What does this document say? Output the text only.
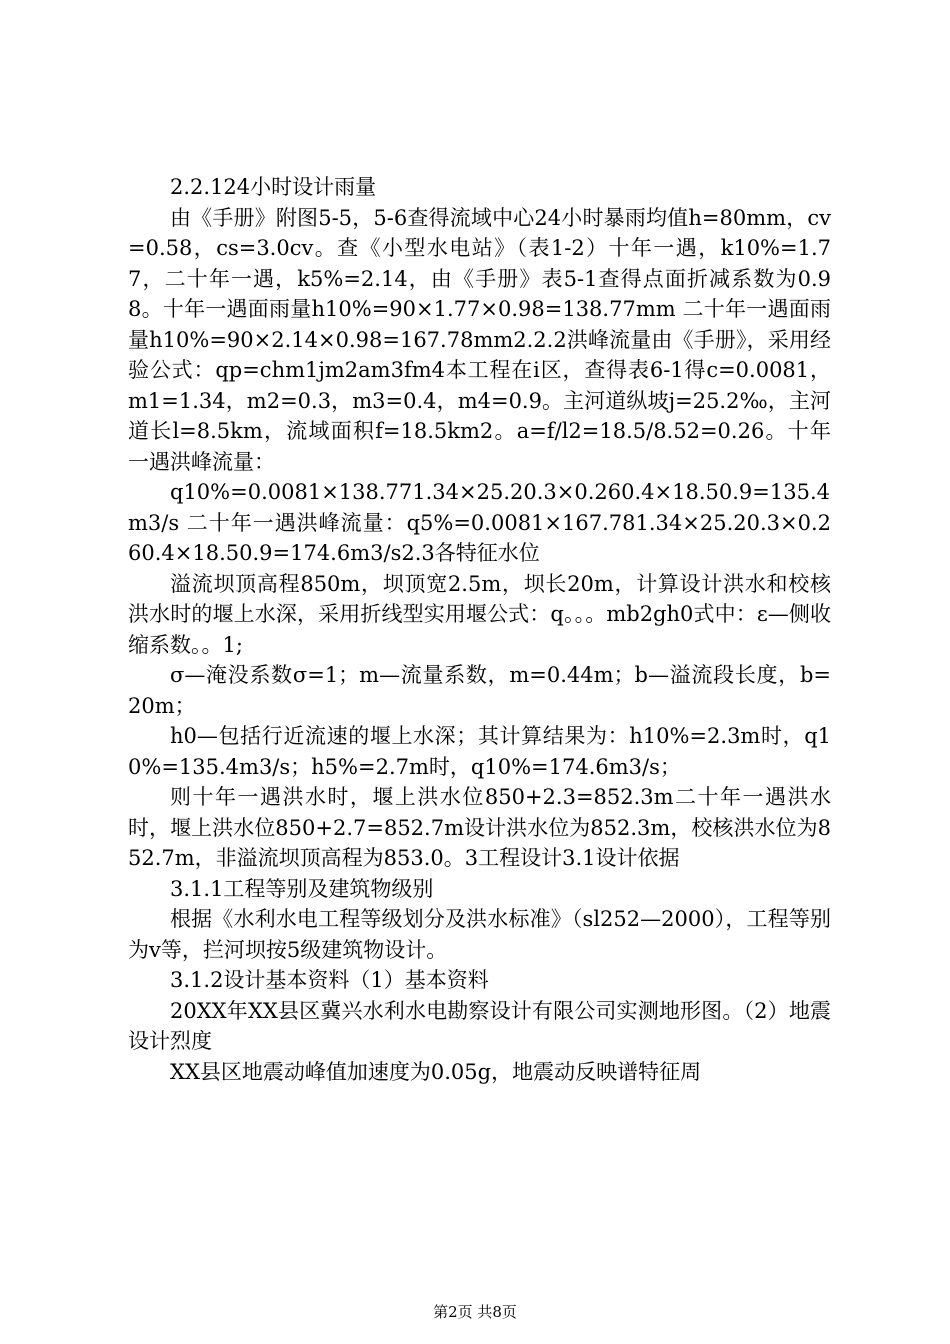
2.2.124小时设计雨量

由《手册》附图5-5，5-6查得流域中心24小时暴雨均值h=80mm，cv=0.58，cs=3.0cv。查《小型水电站》（表1-2）十年一遇，k10%=1.77，二十年一遇，k5%=2.14，由《手册》表5-1查得点面折减系数为0.98。十年一遇面雨量h10%=90×1.77×0.98=138.77mm 二十年一遇面雨量h10%=90×2.14×0.98=167.78mm2.2.2洪峰流量由《手册》，采用经验公式：qp=chm1jm2am3fm4本工程在ⅰ区，查得表6-1得c=0.0081，m1=1.34，m2=0.3，m3=0.4，m4=0.9。主河道纵坡j=25.2‰，主河道长l=8.5km，流域面积f=18.5km2。a=f/l2=18.5/8.52=0.26。十年一遇洪峰流量：

q10%=0.0081×138.771.34×25.20.3×0.260.4×18.50.9=135.4m3/s 二十年一遇洪峰流量：q5%=0.0081×167.781.34×25.20.3×0.260.4×18.50.9=174.6m3/s2.3各特征水位

溢流坝顶高程850m，坝顶宽2.5m，坝长20m，计算设计洪水和校核洪水时的堰上水深，采用折线型实用堰公式：q。。。mb2gh0式中：ε—侧收缩系数。。1;

σ—淹没系数σ=1；m—流量系数，m=0.44m；b—溢流段长度，b=20m；

h0—包括行近流速的堰上水深；其计算结果为：h10%=2.3m时，q10%=135.4m3/s；h5%=2.7m时，q10%=174.6m3/s；

则十年一遇洪水时，堰上洪水位850+2.3=852.3m二十年一遇洪水时，堰上洪水位850+2.7=852.7m设计洪水位为852.3m，校核洪水位为852.7m，非溢流坝顶高程为853.0。3工程设计3.1设计依据

3.1.1工程等别及建筑物级别

根据《水利水电工程等级划分及洪水标准》（sl252—2000），工程等别为ⅴ等，拦河坝按5级建筑物设计。

3.1.2设计基本资料（1）基本资料

20XX年XX县区冀兴水利水电勘察设计有限公司实测地形图。（2）地震设计烈度

XX县区地震动峰值加速度为0.05g，地震动反映谱特征周

第2页 共8页
